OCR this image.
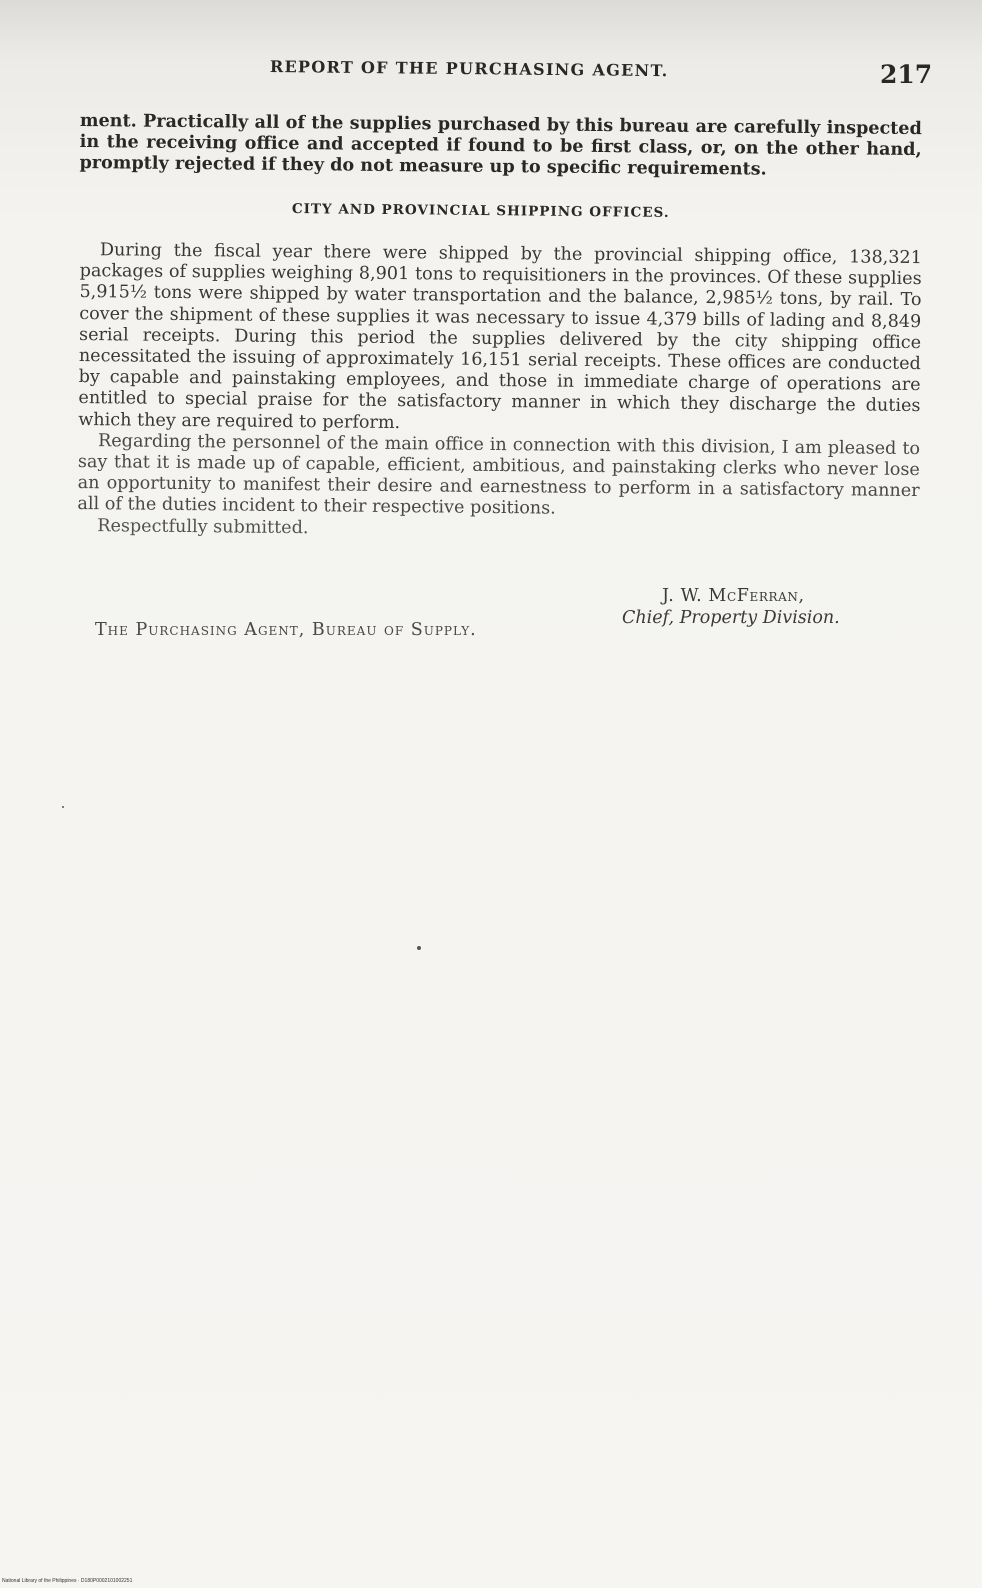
REPORT OF THE PURCHASING AGENT.	217
ment. Practically all of the supplies purchased by this bureau are carefully inspected in the receiving office and accepted if found to be first class, or, on the other hand, promptly rejected if they do not measure up to specific requirements.
CITY AND PROVINCIAL SHIPPING OFFICES.

During the fiscal year there were shipped by the provincial shipping office, 138,321 packages of supplies weighing 8,901 tons to requisitioners in the provinces. Of these supplies 5,915½ tons were shipped by water transportation and the balance, 2,985½ tons, by rail. To cover the shipment of these supplies it was necessary to issue 4,379 bills of lading and 8,849 serial receipts. During this period the supplies delivered by the city shipping office necessitated the issuing of approximately 16,151 serial receipts. These offices are conducted by capable and painstaking employees, and those in immediate charge of operations are entitled to special praise for the satisfactory manner in which they discharge the duties which they are required to perform.

Regarding the personnel of the main office in connection with this division, I am pleased to say that it is made up of capable, efficient, ambitious, and painstaking clerks who never lose an opportunity to manifest their desire and earnestness to perform in a satisfactory manner all of the duties incident to their respective positions.

Respectfully submitted.

J. W. McFerran,
Chief, Property Division.
The Purchasing Agent, Bureau of Supply.
National Library of the Philippines · D180P0002101002251
